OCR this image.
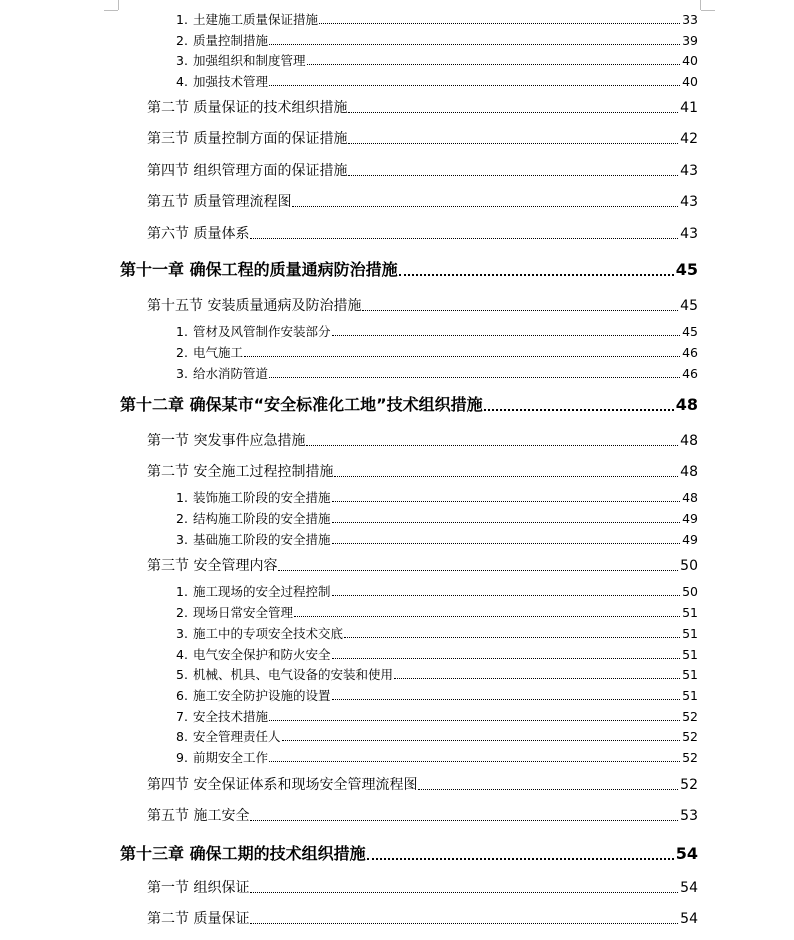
1. 土建施工质量保证措施	33
2. 质量控制措施	39
3. 加强组织和制度管理	40
4. 加强技术管理	40
第二节 质量保证的技术组织措施	41
第三节 质量控制方面的保证措施	42
第四节 组织管理方面的保证措施	43
第五节 质量管理流程图	43
第六节 质量体系	43
第十一章 确保工程的质量通病防治措施	45
第十五节 安装质量通病及防治措施	45
1. 管材及风管制作安装部分	45
2. 电气施工	46
3. 给水消防管道	46
第十二章 确保某市“安全标准化工地”技术组织措施	48
第一节 突发事件应急措施	48
第二节 安全施工过程控制措施	48
1. 装饰施工阶段的安全措施	48
2. 结构施工阶段的安全措施	49
3. 基础施工阶段的安全措施	49
第三节 安全管理内容	50
1. 施工现场的安全过程控制	50
2. 现场日常安全管理	51
3. 施工中的专项安全技术交底	51
4. 电气安全保护和防火安全	51
5. 机械、机具、电气设备的安装和使用	51
6. 施工安全防护设施的设置	51
7. 安全技术措施	52
8. 安全管理责任人	52
9. 前期安全工作	52
第四节 安全保证体系和现场安全管理流程图	52
第五节 施工安全	53
第十三章 确保工期的技术组织措施	54
第一节 组织保证	54
第二节 质量保证	54
